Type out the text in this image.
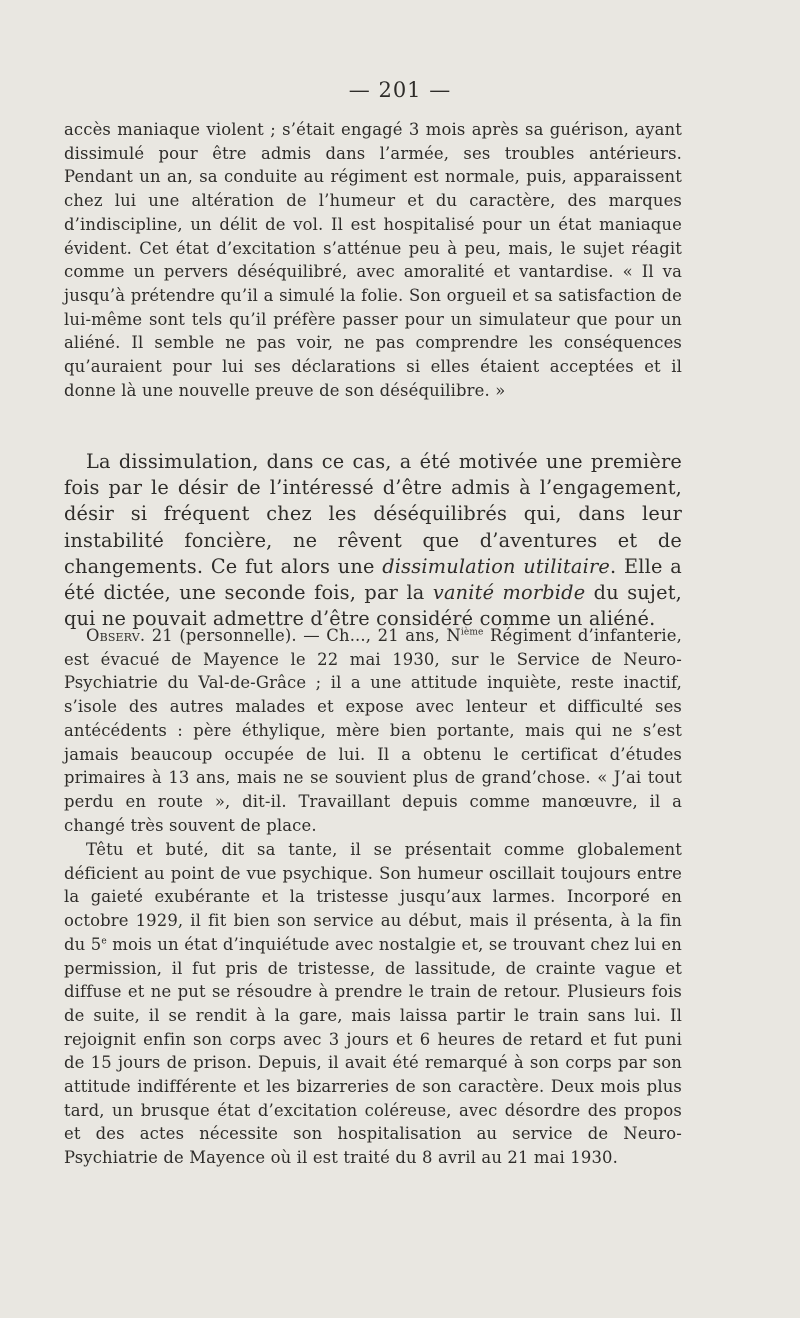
— 201 —

accès maniaque violent ; s’était engagé 3 mois après sa guérison, ayant dissimulé pour être admis dans l’armée, ses troubles antérieurs. Pendant un an, sa conduite au régiment est normale, puis, apparaissent chez lui une altération de l’humeur et du caractère, des marques d’indiscipline, un délit de vol. Il est hospitalisé pour un état maniaque évident. Cet état d’excitation s’atténue peu à peu, mais, le sujet réagit comme un pervers déséquilibré, avec amoralité et vantardise. « Il va jusqu’à prétendre qu’il a simulé la folie. Son orgueil et sa satisfaction de lui-même sont tels qu’il préfère passer pour un simulateur que pour un aliéné. Il semble ne pas voir, ne pas comprendre les conséquences qu’auraient pour lui ses déclarations si elles étaient acceptées et il donne là une nouvelle preuve de son déséquilibre. »

La dissimulation, dans ce cas, a été motivée une première fois par le désir de l’intéressé d’être admis à l’engagement, désir si fréquent chez les déséquilibrés qui, dans leur instabilité foncière, ne rêvent que d’aventures et de changements. Ce fut alors une dissimulation utilitaire. Elle a été dictée, une seconde fois, par la vanité morbide du sujet, qui ne pouvait admettre d’être considéré comme un aliéné.

Observ. 21 (personnelle). — Ch..., 21 ans, $N^{ième}$ Régiment d’infanterie, est évacué de Mayence le 22 mai 1930, sur le Service de Neuro-Psychiatrie du Val-de-Grâce ; il a une attitude inquiète, reste inactif, s’isole des autres malades et expose avec lenteur et difficulté ses antécédents : père éthylique, mère bien portante, mais qui ne s’est jamais beaucoup occupée de lui. Il a obtenu le certificat d’études primaires à 13 ans, mais ne se souvient plus de grand’chose. « J’ai tout perdu en route », dit-il. Travaillant depuis comme manœuvre, il a changé très souvent de place.

Têtu et buté, dit sa tante, il se présentait comme globalement déficient au point de vue psychique. Son humeur oscillait toujours entre la gaieté exubérante et la tristesse jusqu’aux larmes. Incorporé en octobre 1929, il fit bien son service au début, mais il présenta, à la fin du 5e mois un état d’inquiétude avec nostalgie et, se trouvant chez lui en permission, il fut pris de tristesse, de lassitude, de crainte vague et diffuse et ne put se résoudre à prendre le train de retour. Plusieurs fois de suite, il se rendit à la gare, mais laissa partir le train sans lui. Il rejoignit enfin son corps avec 3 jours et 6 heures de retard et fut puni de 15 jours de prison. Depuis, il avait été remarqué à son corps par son attitude indifférente et les bizarreries de son caractère. Deux mois plus tard, un brusque état d’excitation coléreuse, avec désordre des propos et des actes nécessite son hospitalisation au service de Neuro-Psychiatrie de Mayence où il est traité du 8 avril au 21 mai 1930.
